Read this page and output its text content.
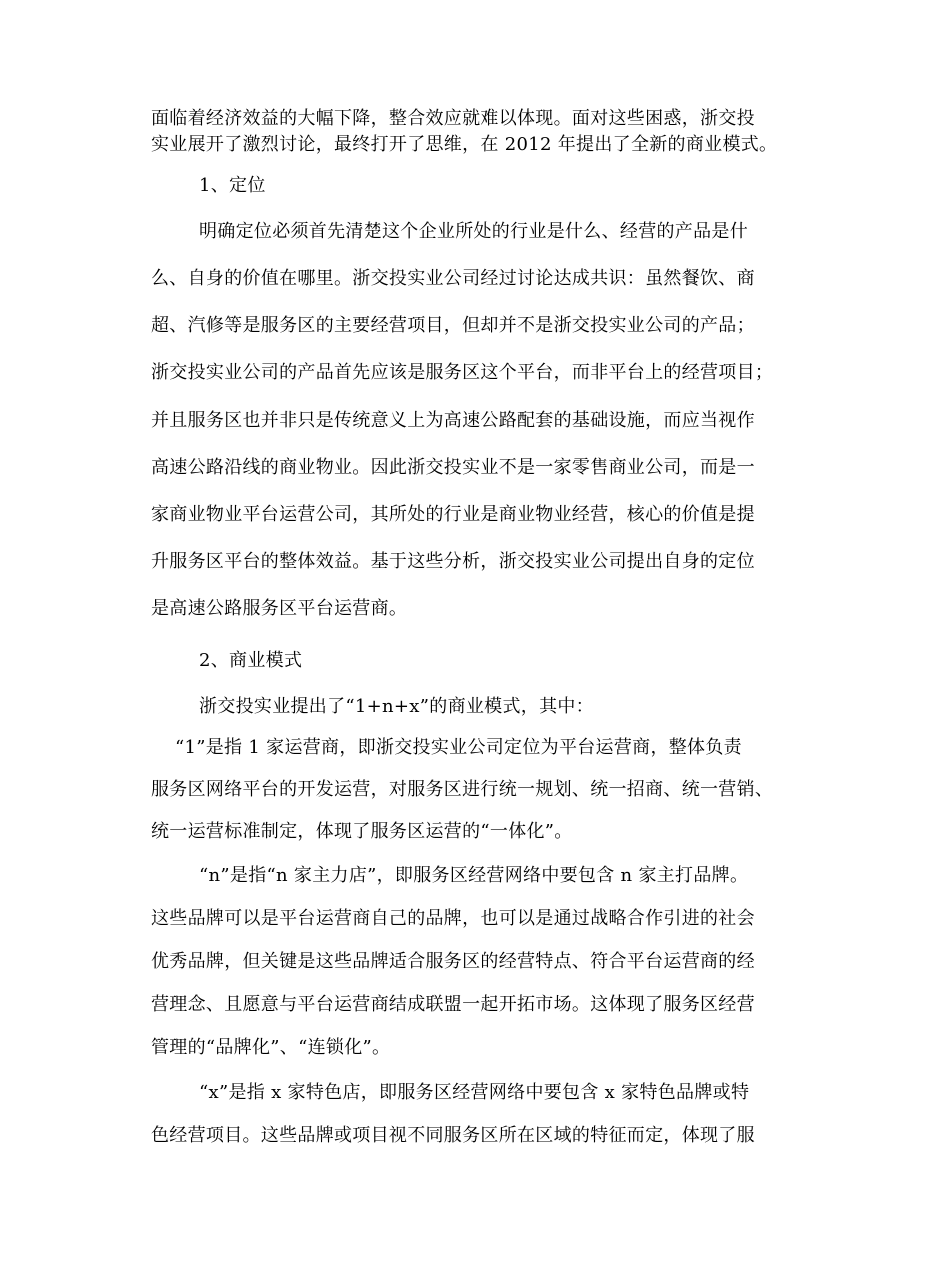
面临着经济效益的大幅下降，整合效应就难以体现。面对这些困惑，浙交投

实业展开了激烈讨论，最终打开了思维，在 2012 年提出了全新的商业模式。

1、定位

明确定位必须首先清楚这个企业所处的行业是什么、经营的产品是什

么、自身的价值在哪里。浙交投实业公司经过讨论达成共识：虽然餐饮、商

超、汽修等是服务区的主要经营项目，但却并不是浙交投实业公司的产品；

浙交投实业公司的产品首先应该是服务区这个平台，而非平台上的经营项目；

并且服务区也并非只是传统意义上为高速公路配套的基础设施，而应当视作

高速公路沿线的商业物业。因此浙交投实业不是一家零售商业公司，而是一

家商业物业平台运营公司，其所处的行业是商业物业经营，核心的价值是提

升服务区平台的整体效益。基于这些分析，浙交投实业公司提出自身的定位

是高速公路服务区平台运营商。

2、商业模式

浙交投实业提出了“1+n+x”的商业模式，其中：

“1”是指 1 家运营商，即浙交投实业公司定位为平台运营商，整体负责

服务区网络平台的开发运营，对服务区进行统一规划、统一招商、统一营销、

统一运营标准制定，体现了服务区运营的“一体化”。

“n”是指“n 家主力店”，即服务区经营网络中要包含 n 家主打品牌。

这些品牌可以是平台运营商自己的品牌，也可以是通过战略合作引进的社会

优秀品牌，但关键是这些品牌适合服务区的经营特点、符合平台运营商的经

营理念、且愿意与平台运营商结成联盟一起开拓市场。这体现了服务区经营

管理的“品牌化”、“连锁化”。

“x”是指 x 家特色店，即服务区经营网络中要包含 x 家特色品牌或特

色经营项目。这些品牌或项目视不同服务区所在区域的特征而定，体现了服
